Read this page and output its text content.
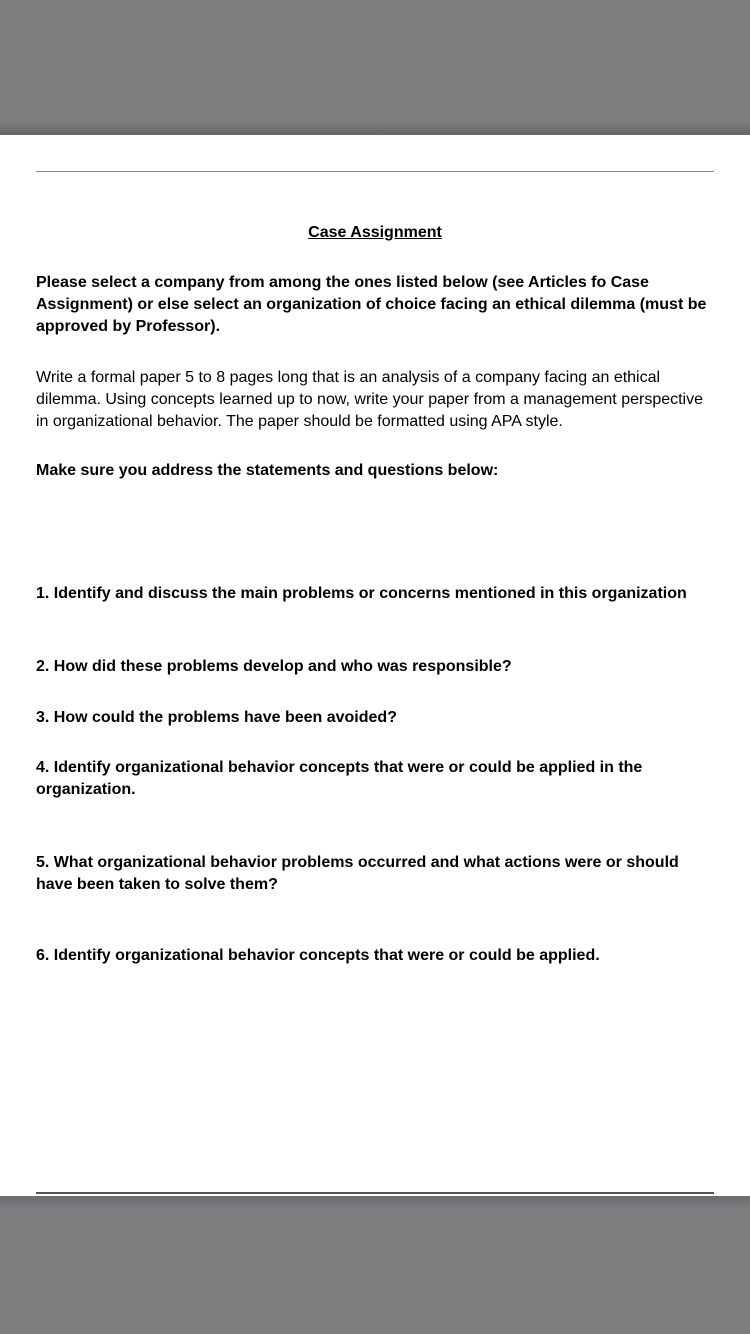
Case Assignment

Please select a company from among the ones listed below (see Articles fo Case Assignment) or else select an organization of choice facing an ethical dilemma (must be approved by Professor).

Write a formal paper 5 to 8 pages long that is an analysis of a company facing an ethical dilemma. Using concepts learned up to now, write your paper from a management perspective in organizational behavior. The paper should be formatted using APA style.

Make sure you address the statements and questions below:

1. Identify and discuss the main problems or concerns mentioned in this organization

2. How did these problems develop and who was responsible?

3. How could the problems have been avoided?

4. Identify organizational behavior concepts that were or could be applied in the organization.

5. What organizational behavior problems occurred and what actions were or should have been taken to solve them?

6. Identify organizational behavior concepts that were or could be applied.
